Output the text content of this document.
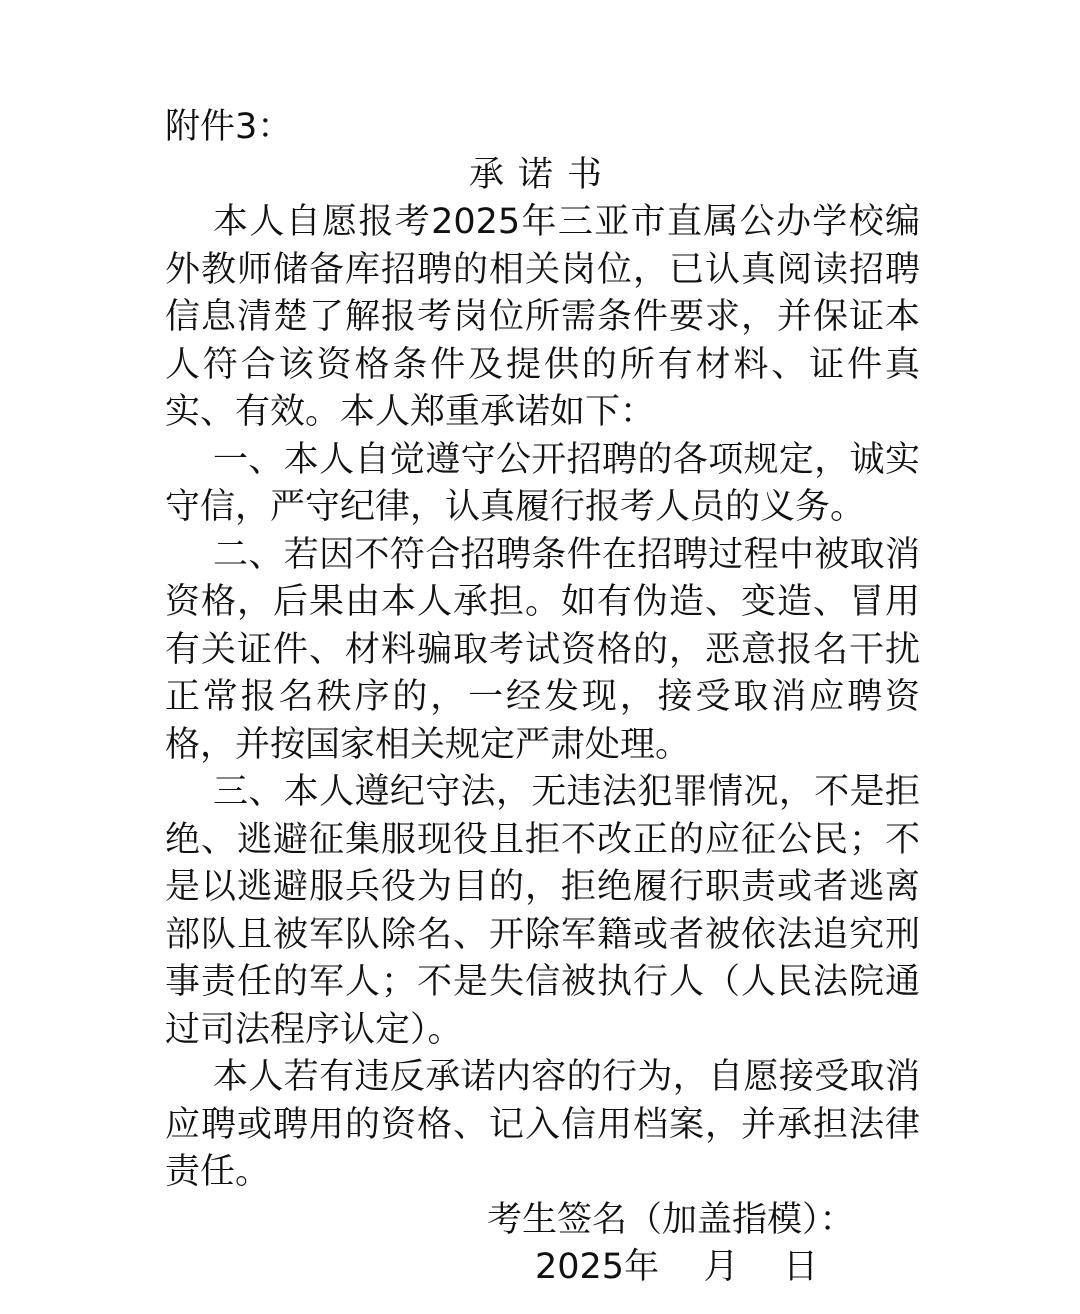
附件3：

承诺书

本人自愿报考2025年三亚市直属公办学校编外教师储备库招聘的相关岗位，已认真阅读招聘信息清楚了解报考岗位所需条件要求，并保证本人符合该资格条件及提供的所有材料、证件真实、有效。本人郑重承诺如下：

一、本人自觉遵守公开招聘的各项规定，诚实守信，严守纪律，认真履行报考人员的义务。

二、若因不符合招聘条件在招聘过程中被取消资格，后果由本人承担。如有伪造、变造、冒用有关证件、材料骗取考试资格的，恶意报名干扰正常报名秩序的，一经发现，接受取消应聘资格，并按国家相关规定严肃处理。

三、本人遵纪守法，无违法犯罪情况，不是拒绝、逃避征集服现役且拒不改正的应征公民；不是以逃避服兵役为目的，拒绝履行职责或者逃离部队且被军队除名、开除军籍或者被依法追究刑事责任的军人；不是失信被执行人（人民法院通过司法程序认定）。

本人若有违反承诺内容的行为，自愿接受取消应聘或聘用的资格、记入信用档案，并承担法律责任。

考生签名（加盖指模）：

2025年    月    日
